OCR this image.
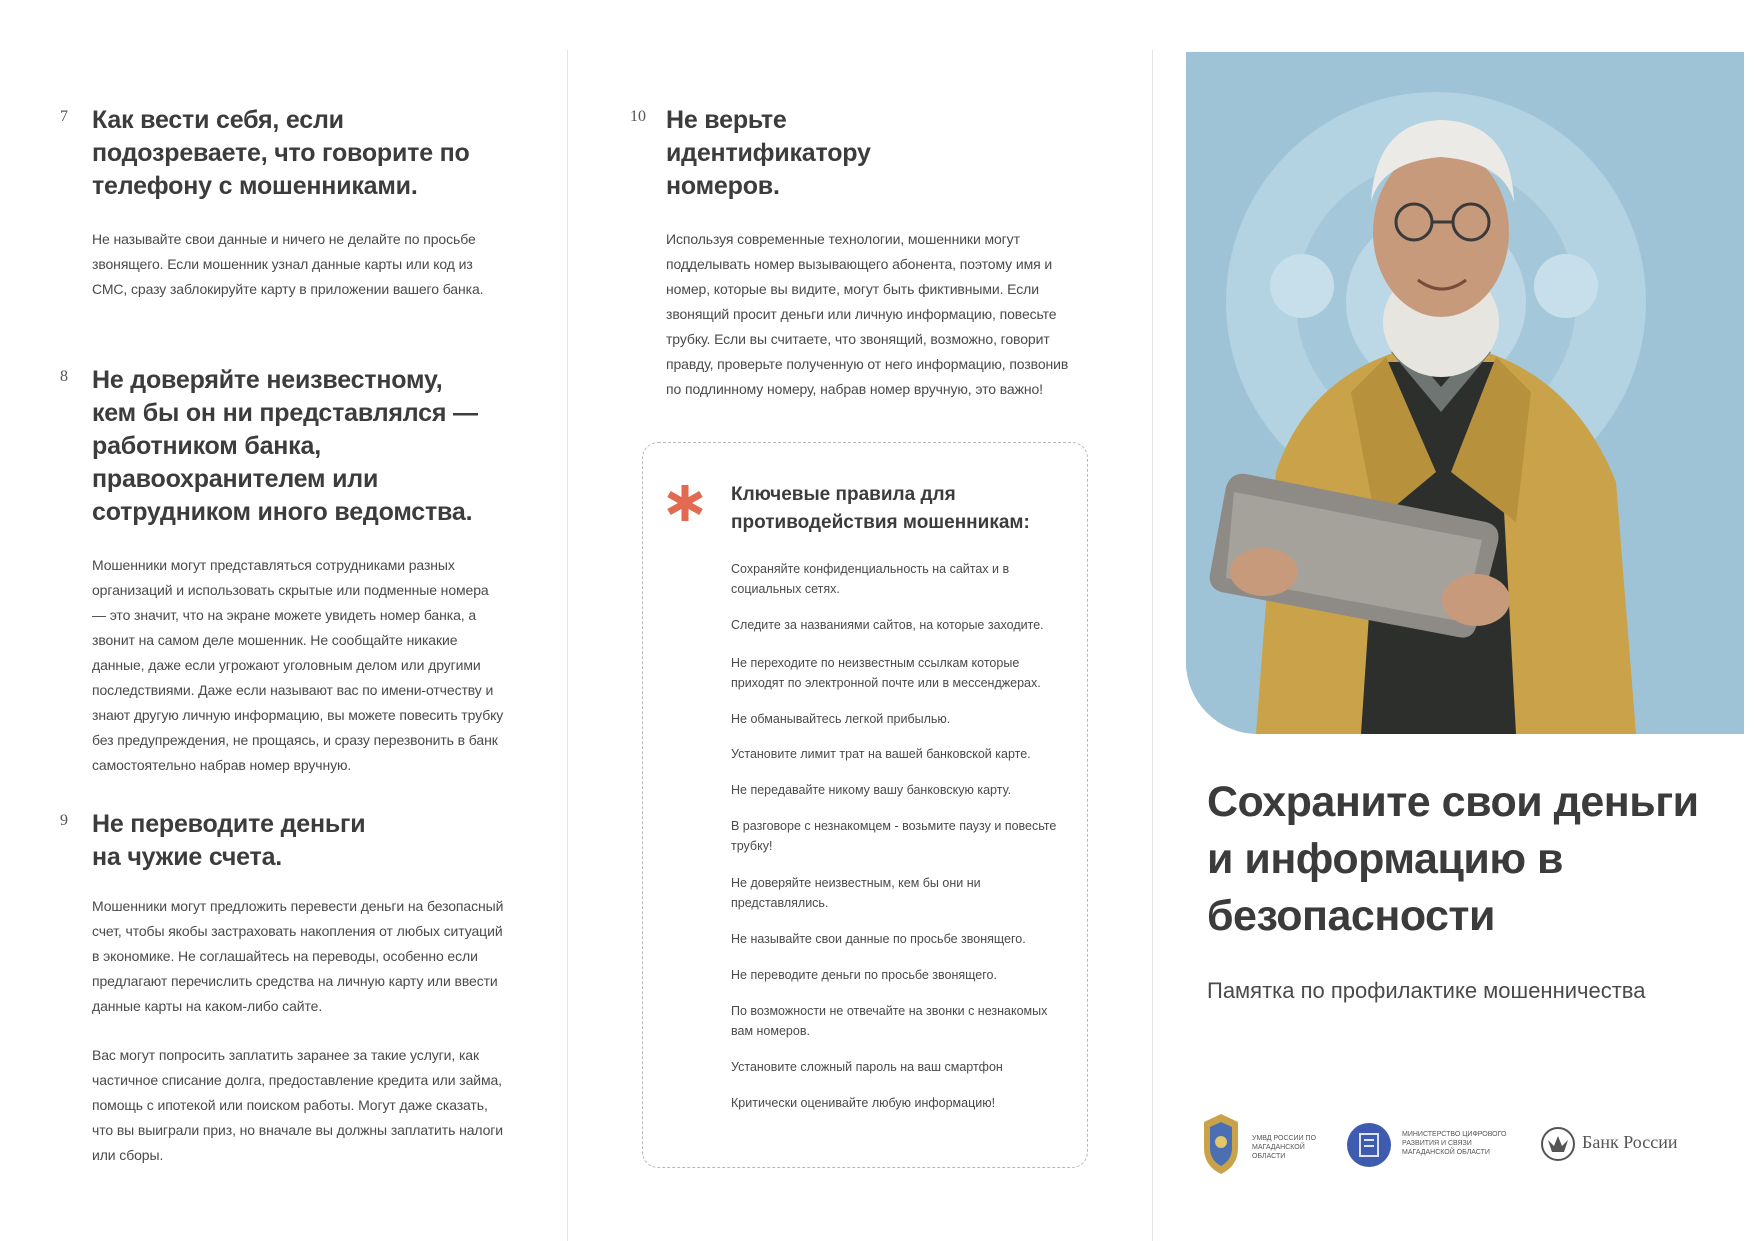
7 Как вести себя, если подозреваете, что говорите по телефону с мошенниками.

Не называйте свои данные и ничего не делайте по просьбе звонящего. Если мошенник узнал данные карты или код из СМС, сразу заблокируйте карту в приложении вашего банка.

8 Не доверяйте неизвестному, кем бы он ни представлялся — работником банка, правоохранителем или сотрудником иного ведомства.

Мошенники могут представляться сотрудниками разных организаций и использовать скрытые или подменные номера — это значит, что на экране можете увидеть номер банка, а звонит на самом деле мошенник. Не сообщайте никакие данные, даже если угрожают уголовным делом или другими последствиями. Даже если называют вас по имени-отчеству и знают другую личную информацию, вы можете повесить трубку без предупреждения, не прощаясь, и сразу перезвонить в банк самостоятельно набрав номер вручную.

9 Не переводите деньги на чужие счета.

Мошенники могут предложить перевести деньги на безопасный счет, чтобы якобы застраховать накопления от любых ситуаций в экономике. Не соглашайтесь на переводы, особенно если предлагают перечислить средства на личную карту или ввести данные карты на каком-либо сайте.

Вас могут попросить заплатить заранее за такие услуги, как частичное списание долга, предоставление кредита или займа, помощь с ипотекой или поиском работы. Могут даже сказать, что вы выиграли приз, но вначале вы должны заплатить налоги или сборы.

10 Не верьте идентификатору номеров.

Используя современные технологии, мошенники могут подделывать номер вызывающего абонента, поэтому имя и номер, которые вы видите, могут быть фиктивными. Если звонящий просит деньги или личную информацию, повесьте трубку. Если вы считаете, что звонящий, возможно, говорит правду, проверьте полученную от него информацию, позвонив по подлинному номеру, набрав номер вручную, это важно!

Ключевые правила для противодействия мошенникам:
Сохраняйте конфиденциальность на сайтах и в социальных сетях.
Следите за названиями сайтов, на которые заходите.
Не переходите по неизвестным ссылкам которые приходят по электронной почте или в мессенджерах.
Не обманывайтесь легкой прибылью.
Установите лимит трат на вашей банковской карте.
Не передавайте никому вашу банковскую карту.
В разговоре с незнакомцем - возьмите паузу и повесьте трубку!
Не доверяйте неизвестным, кем бы они ни представлялись.
Не называйте свои данные по просьбе звонящего.
Не переводите деньги по просьбе звонящего.
По возможности не отвечайте на звонки с незнакомых вам номеров.
Установите сложный пароль на ваш смартфон
Критически оценивайте любую информацию!
Сохраните свои деньги и информацию в безопасности
Памятка по профилактике мошенничества
УМВД РОССИИ ПО МАГАДАНСКОЙ ОБЛАСТИ
МИНИСТЕРСТВО ЦИФРОВОГО РАЗВИТИЯ И СВЯЗИ МАГАДАНСКОЙ ОБЛАСТИ
Банк России
